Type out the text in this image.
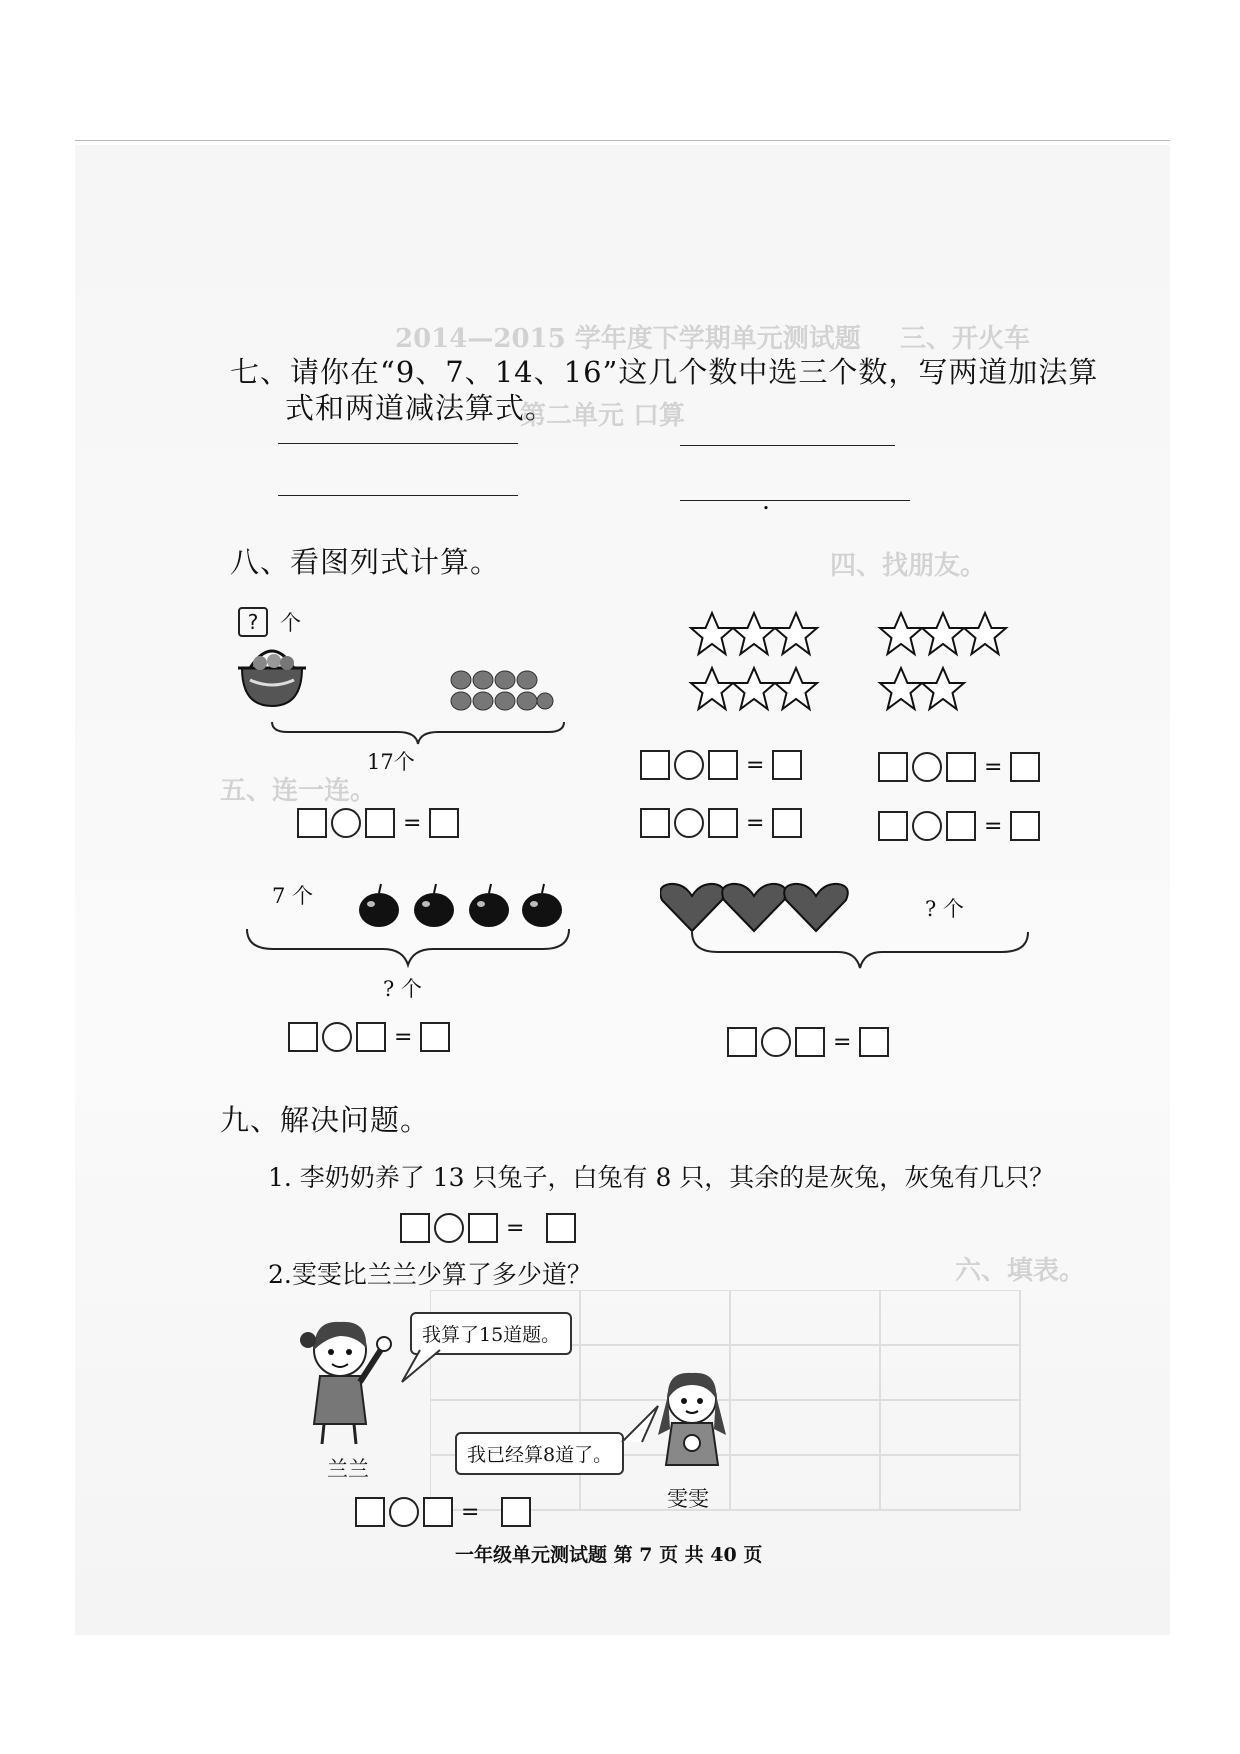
2014—2015 学年度下学期单元测试题
第二单元 口算
三、开火车
四、找朋友。
五、连一连。
六、填表。
七、请你在“9、7、14、16”这几个数中选三个数，写两道加法算
式和两道减法算式。
.
八、看图列式计算。
?	个
17个
=
=	=
=	=
7 个
? 个
=
? 个
=
九、解决问题。
1. 李奶奶养了 13 只兔子，白兔有 8 只，其余的是灰兔，灰兔有几只？
=
2.雯雯比兰兰少算了多少道？
兰兰
我算了15道题。
我已经算8道了。
雯雯
=
一年级单元测试题 第 7 页 共 40 页
